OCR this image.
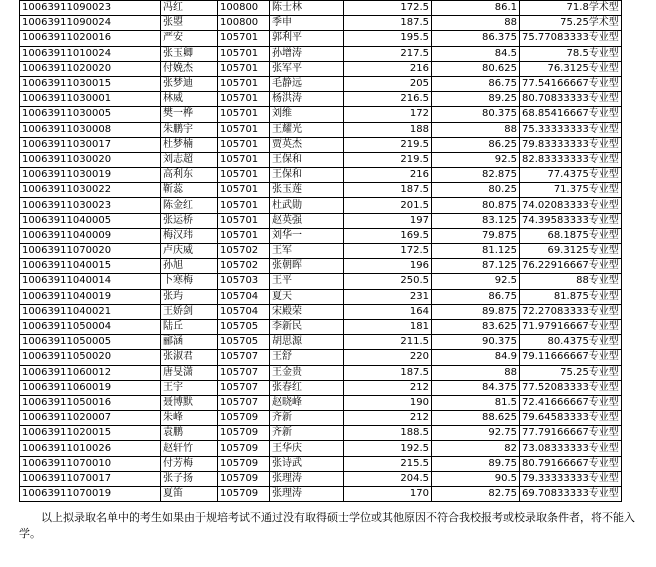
10063911090023	冯红	100800	陈士林	172.5	86.1	71.8学术型
10063911090024	张曌	100800	季申	187.5	88	75.25学术型
10063911020016	严安	105701	郭利平	195.5	86.375	75.77083333专业型
10063911010024	张玉卿	105701	孙增涛	217.5	84.5	78.5专业型
10063911020020	付娩杰	105701	张军平	216	80.625	76.3125专业型
10063911030015	张梦迪	105701	毛静远	205	86.75	77.54166667专业型
10063911030001	林威	105701	杨洪涛	216.5	89.25	80.70833333专业型
10063911030005	樊一桦	105701	刘维	172	80.375	68.85416667专业型
10063911030008	朱鹏宇	105701	王耀光	188	88	75.33333333专业型
10063911030017	杜梦楠	105701	贾英杰	219.5	86.25	79.83333333专业型
10063911030020	刘志超	105701	王保和	219.5	92.5	82.83333333专业型
10063911030019	高利东	105701	王保和	216	82.875	77.4375专业型
10063911030022	靳蕊	105701	张玉莲	187.5	80.25	71.375专业型
10063911030023	陈金红	105701	杜武勋	201.5	80.875	74.02083333专业型
10063911040005	张运桥	105701	赵英强	197	83.125	74.39583333专业型
10063911040009	梅汉玮	105701	刘华一	169.5	79.875	68.1875专业型
10063911070020	卢庆威	105702	王军	172.5	81.125	69.3125专业型
10063911040015	孙旭	105702	张朝晖	196	87.125	76.22916667专业型
10063911040014	卜寒梅	105703	王平	250.5	92.5	88专业型
10063911040019	张玙	105704	夏天	231	86.75	81.875专业型
10063911040021	王娇剑	105704	宋殿荣	164	89.875	72.27083333专业型
10063911050004	陆丘	105705	李新民	181	83.625	71.97916667专业型
10063911050005	郦涵	105705	胡思源	211.5	90.375	80.4375专业型
10063911050020	张淑君	105707	王舒	220	84.9	79.11666667专业型
10063911060012	唐旻潇	105707	王金贵	187.5	88	75.25专业型
10063911060019	王宇	105707	张春红	212	84.375	77.52083333专业型
10063911050016	聂博默	105707	赵晓峰	190	81.5	72.41666667专业型
10063911020007	朱峰	105709	齐新	212	88.625	79.64583333专业型
10063911020015	袁鹏	105709	齐新	188.5	92.75	77.79166667专业型
10063911010026	赵轩竹	105709	王华庆	192.5	82	73.08333333专业型
10063911070010	付芳梅	105709	张诗武	215.5	89.75	80.79166667专业型
10063911070017	张子扬	105709	张理涛	204.5	90.5	79.33333333专业型
10063911070019	夏笛	105709	张理涛	170	82.75	69.70833333专业型

以上拟录取名单中的考生如果由于规培考试不通过没有取得硕士学位或其他原因不符合我校报考或校录取条件者，将不能入学。
